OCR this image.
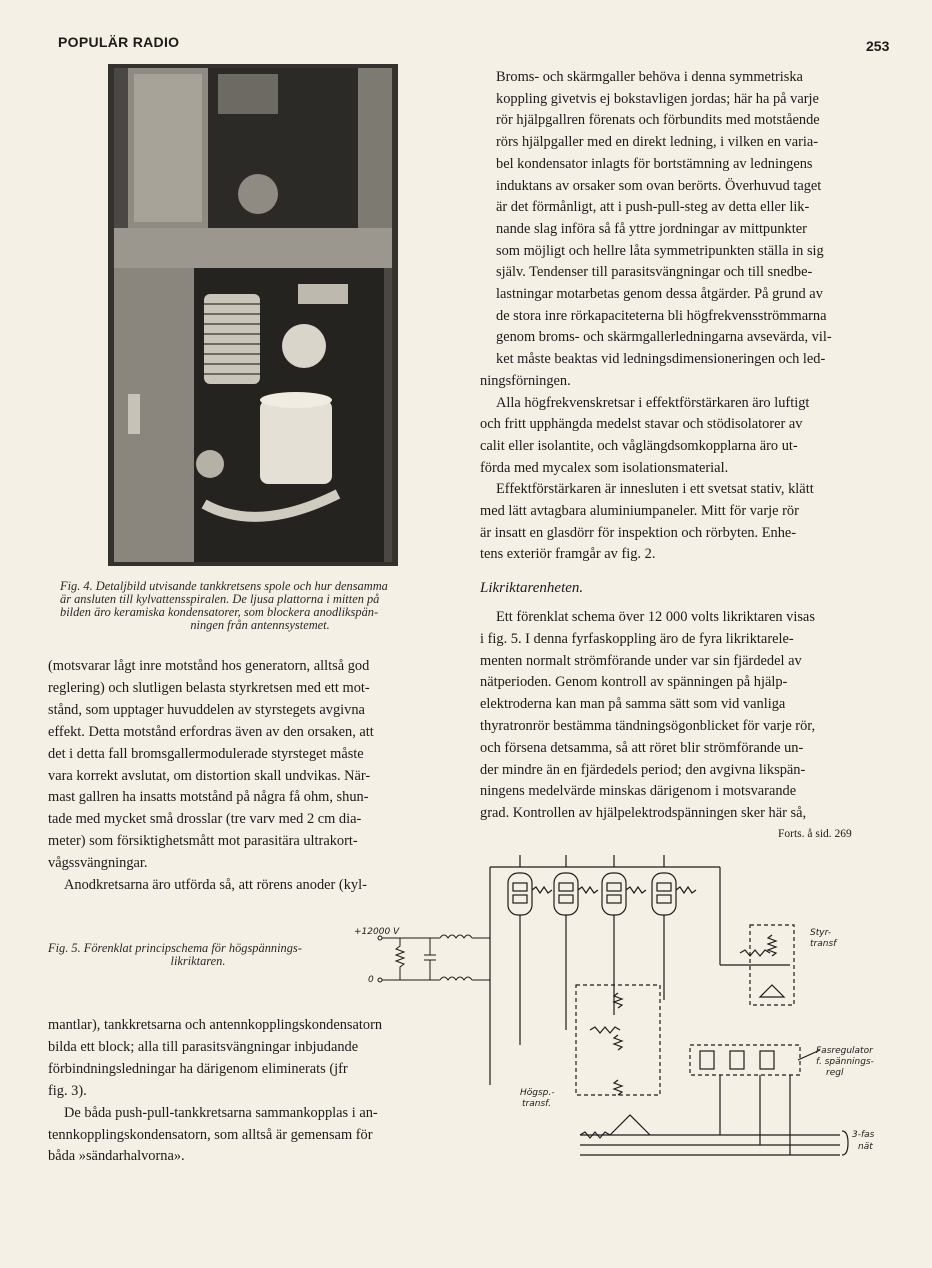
POPULÄR RADIO	253
Fig. 4. Detaljbild utvisande tankkretsens spole och hur densamma
är ansluten till kylvattensspiralen. De ljusa plattorna i mitten på
bilden äro keramiska kondensatorer, som blockera anodlikspän-
ningen från antennsystemet.

Broms- och skärmgaller behöva i denna symmetriska
koppling givetvis ej bokstavligen jordas; här ha på varje
rör hjälpgallren förenats och förbundits med motstående
rörs hjälpgaller med en direkt ledning, i vilken en varia-
bel kondensator inlagts för bortstämning av ledningens
induktans av orsaker som ovan berörts. Överhuvud taget
är det förmånligt, att i push-pull-steg av detta eller lik-
nande slag införa så få yttre jordningar av mittpunkter
som möjligt och hellre låta symmetripunkten ställa in sig
själv. Tendenser till parasitsvängningar och till snedbe-
lastningar motarbetas genom dessa åtgärder. På grund av
de stora inre rörkapaciteterna bli högfrekvensströmmarna
genom broms- och skärmgallerledningarna avsevärda, vil-
ket måste beaktas vid ledningsdimensioneringen och led-
ningsförningen.

Alla högfrekvenskretsar i effektförstärkaren äro luftigt
och fritt upphängda medelst stavar och stödisolatorer av
calit eller isolantite, och våglängdsomkopplarna äro ut-
förda med mycalex som isolationsmaterial.

Effektförstärkaren är innesluten i ett svetsat stativ, klätt
med lätt avtagbara aluminiumpaneler. Mitt för varje rör
är insatt en glasdörr för inspektion och rörbyten. Enhe-
tens exteriör framgår av fig. 2.

Likriktarenheten.

Ett förenklat schema över 12 000 volts likriktaren visas
i fig. 5. I denna fyrfaskoppling äro de fyra likriktarele-
menten normalt strömförande under var sin fjärdedel av
nätperioden. Genom kontroll av spänningen på hjälp-
elektroderna kan man på samma sätt som vid vanliga
thyratronrör bestämma tändningsögonblicket för varje rör,
och försena detsamma, så att röret blir strömförande un-
der mindre än en fjärdedels period; den avgivna likspän-
ningens medelvärde minskas därigenom i motsvarande
grad. Kontrollen av hjälpelektrodspänningen sker här så,

Forts. å sid. 269

(motsvarar lågt inre motstånd hos generatorn, alltså god
reglering) och slutligen belasta styrkretsen med ett mot-
stånd, som upptager huvuddelen av styrstegets avgivna
effekt. Detta motstånd erfordras även av den orsaken, att
det i detta fall bromsgallermodulerade styrsteget måste
vara korrekt avslutat, om distortion skall undvikas. När-
mast gallren ha insatts motstånd på några få ohm, shun-
tade med mycket små drosslar (tre varv med 2 cm dia-
meter) som försiktighetsmått mot parasitära ultrakort-
vågssvängningar.

Anodkretsarna äro utförda så, att rörens anoder (kyl-

Fig. 5. Förenklat principschema för högspännings-
likriktaren.
+12000 V
0

mantlar), tankkretsarna och antennkopplingskondensatorn
bilda ett block; alla till parasitsvängningar inbjudande
förbindningsledningar ha därigenom eliminerats (jfr
fig. 3).

De båda push-pull-tankkretsarna sammankopplas i an-
tennkopplingskondensatorn, som alltså är gemensam för
båda »sändarhalvorna».

Styr-
transf
Fasregulator
f. spännings-
regl
Högsp.-
transf.
3-fas
nät
